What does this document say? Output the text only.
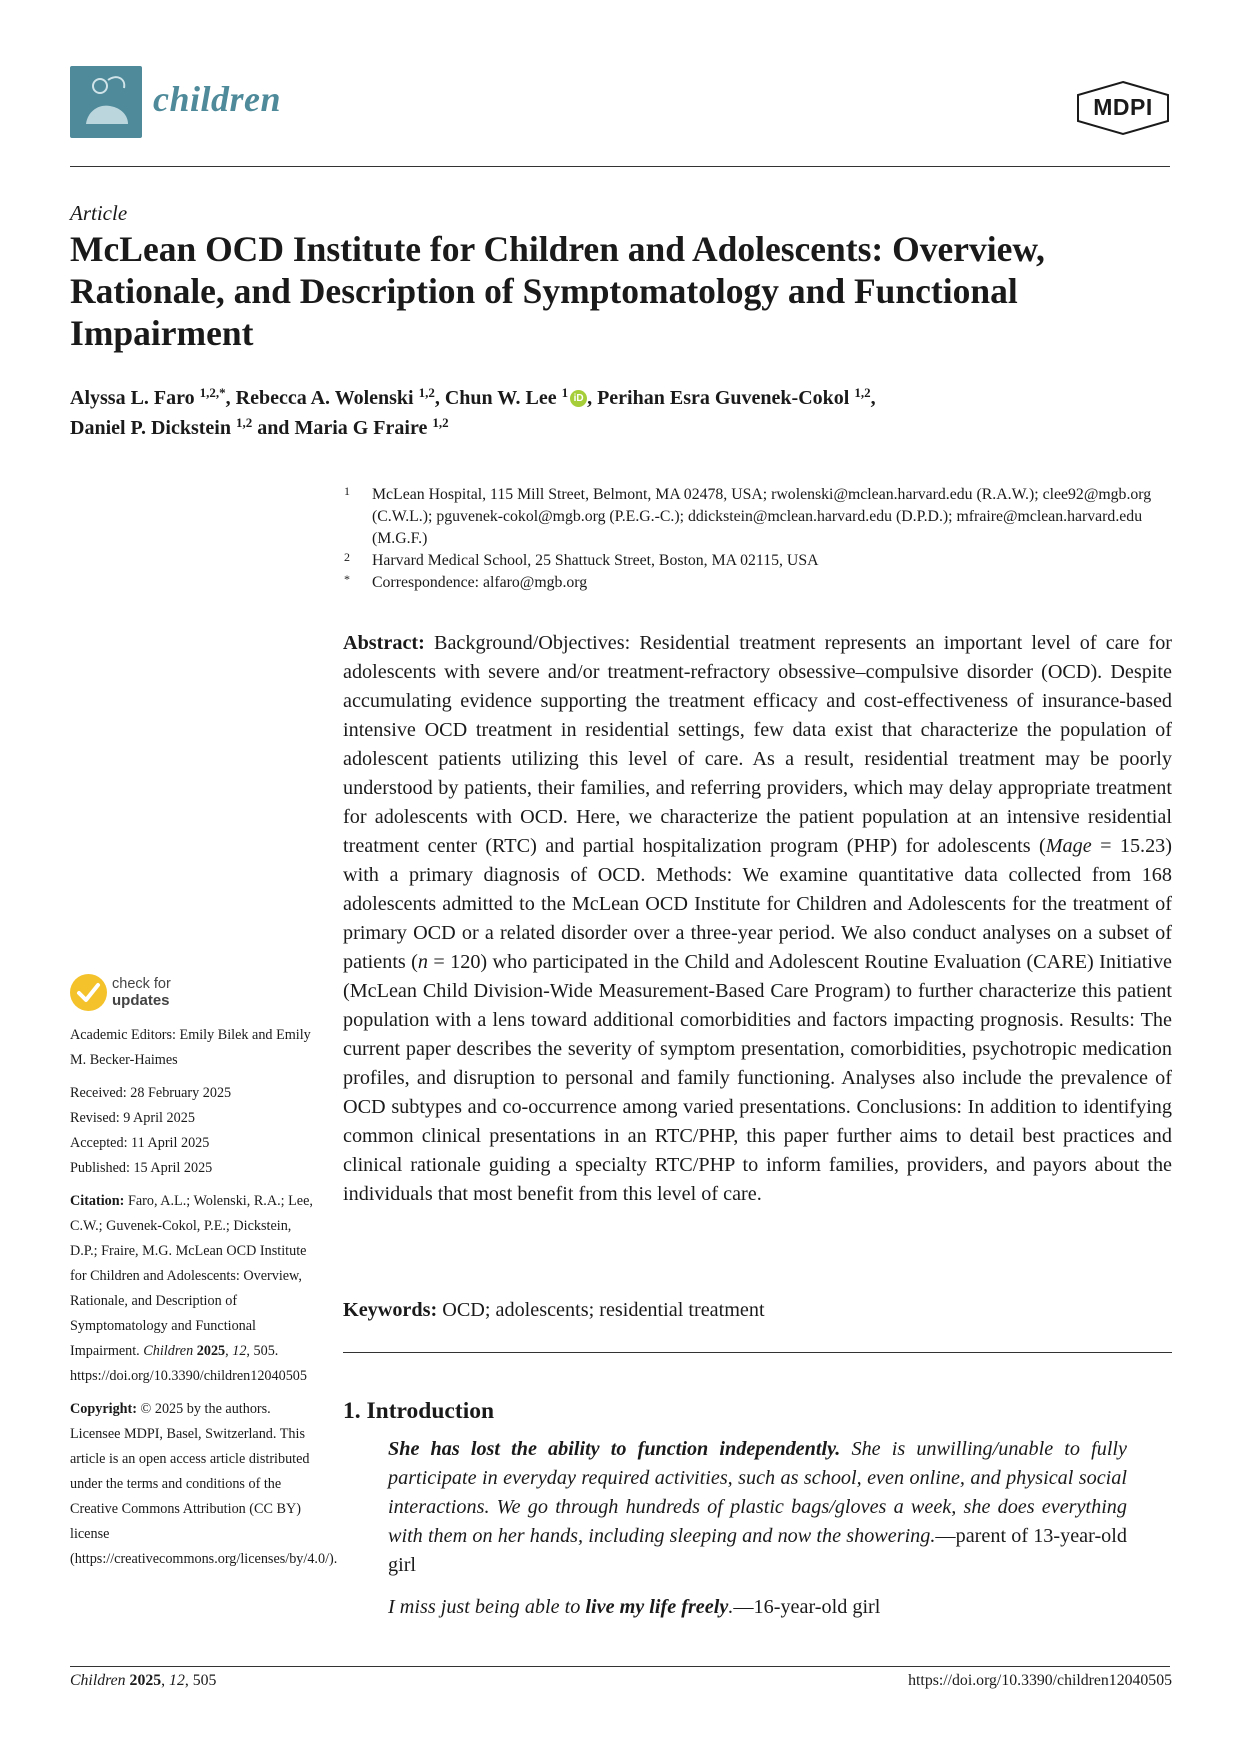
children	MDPI
Article
McLean OCD Institute for Children and Adolescents: Overview, Rationale, and Description of Symptomatology and Functional Impairment
Alyssa L. Faro $^{1,2,*}$, Rebecca A. Wolenski $^{1,2}$, Chun W. Lee $^1$ iD , Perihan Esra Guvenek-Cokol $^{1,2}$,
Daniel P. Dickstein $^{1,2}$ and Maria G Fraire $^{1,2}$
1 McLean Hospital, 115 Mill Street, Belmont, MA 02478, USA; rwolenski@mclean.harvard.edu (R.A.W.); clee92@mgb.org (C.W.L.); pguvenek-cokol@mgb.org (P.E.G.-C.); ddickstein@mclean.harvard.edu (D.P.D.); mfraire@mclean.harvard.edu (M.G.F.)
2 Harvard Medical School, 25 Shattuck Street, Boston, MA 02115, USA
* Correspondence: alfaro@mgb.org
Abstract: Background/Objectives: Residential treatment represents an important level of care for adolescents with severe and/or treatment-refractory obsessive–compulsive disorder (OCD). Despite accumulating evidence supporting the treatment efficacy and cost-effectiveness of insurance-based intensive OCD treatment in residential settings, few data exist that characterize the population of adolescent patients utilizing this level of care. As a result, residential treatment may be poorly understood by patients, their families, and referring providers, which may delay appropriate treatment for adolescents with OCD. Here, we characterize the patient population at an intensive residential treatment center (RTC) and partial hospitalization program (PHP) for adolescents (Mage = 15.23) with a primary diagnosis of OCD. Methods: We examine quantitative data collected from 168 adolescents admitted to the McLean OCD Institute for Children and Adolescents for the treatment of primary OCD or a related disorder over a three-year period. We also conduct analyses on a subset of patients (n = 120) who participated in the Child and Adolescent Routine Evaluation (CARE) Initiative (McLean Child Division-Wide Measurement-Based Care Program) to further characterize this patient population with a lens toward additional comorbidities and factors impacting prognosis. Results: The current paper describes the severity of symptom presentation, comorbidities, psychotropic medication profiles, and disruption to personal and family functioning. Analyses also include the prevalence of OCD subtypes and co-occurrence among varied presentations. Conclusions: In addition to identifying common clinical presentations in an RTC/PHP, this paper further aims to detail best practices and clinical rationale guiding a specialty RTC/PHP to inform families, providers, and payors about the individuals that most benefit from this level of care.
Keywords: OCD; adolescents; residential treatment
1. Introduction
She has lost the ability to function independently. She is unwilling/unable to fully participate in everyday required activities, such as school, even online, and physical social interactions. We go through hundreds of plastic bags/gloves a week, she does everything with them on her hands, including sleeping and now the showering.—parent of 13-year-old girl
I miss just being able to live my life freely.—16-year-old girl
check for
updates
Academic Editors: Emily Bilek and Emily M. Becker-Haimes
Received: 28 February 2025
Revised: 9 April 2025
Accepted: 11 April 2025
Published: 15 April 2025
Citation: Faro, A.L.; Wolenski, R.A.; Lee, C.W.; Guvenek-Cokol, P.E.; Dickstein, D.P.; Fraire, M.G. McLean OCD Institute for Children and Adolescents: Overview, Rationale, and Description of Symptomatology and Functional Impairment. Children 2025, 12, 505. https://doi.org/10.3390/children12040505
Copyright: © 2025 by the authors. Licensee MDPI, Basel, Switzerland. This article is an open access article distributed under the terms and conditions of the Creative Commons Attribution (CC BY) license (https://creativecommons.org/licenses/by/4.0/).
Children 2025, 12, 505	https://doi.org/10.3390/children12040505
